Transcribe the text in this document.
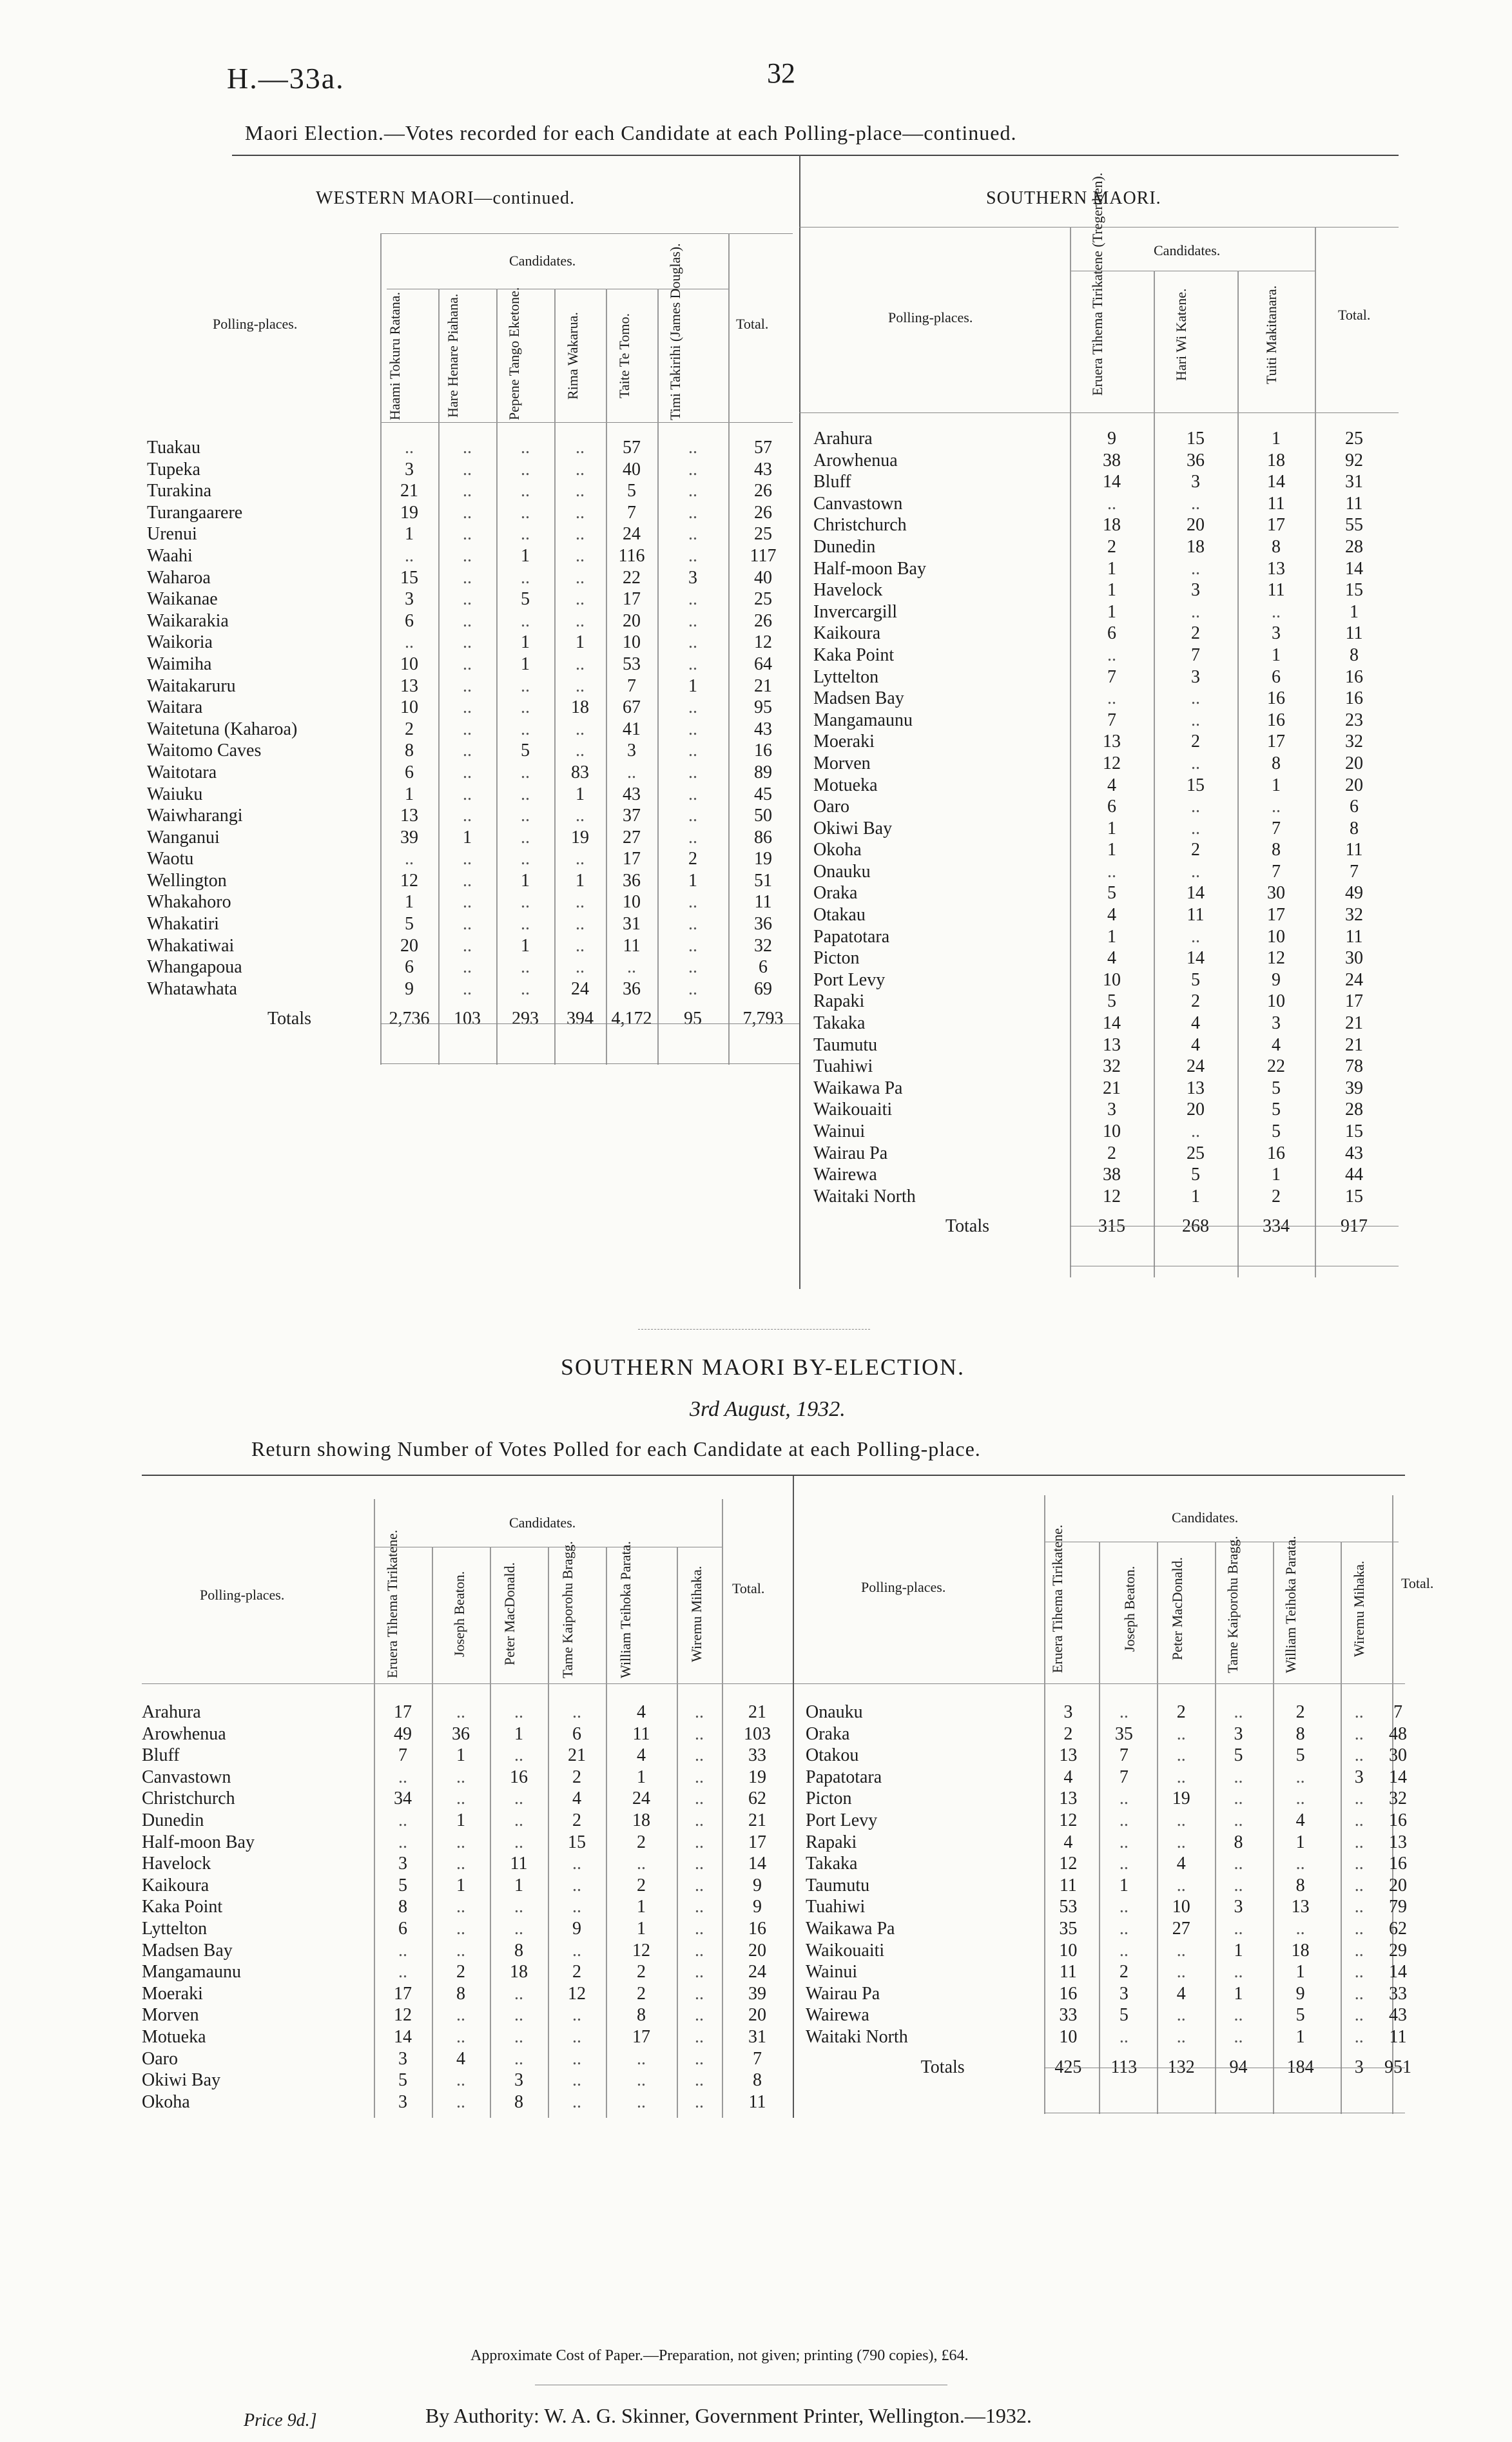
H.—33a.	32
Maori Election.—Votes recorded for each Candidate at each Polling-place—continued.
WESTERN MAORI—continued.
Candidates.
Polling-places.	Total.
Haami Tokuru Ratana.	Hare Henare Piahana.	Pepene Tango Eketone.	Rima Wakarua.	Taite Te Tomo.	Timi Takirihi (James Douglas).
Tuakau	..	..	..	..	57	..	57
Tupeka	3	..	..	..	40	..	43
Turakina	21	..	..	..	5	..	26
Turangaarere	19	..	..	..	7	..	26
Urenui	1	..	..	..	24	..	25
Waahi	..	..	1	..	116	..	117
Waharoa	15	..	..	..	22	3	40
Waikanae	3	..	5	..	17	..	25
Waikarakia	6	..	..	..	20	..	26
Waikoria	..	..	1	1	10	..	12
Waimiha	10	..	1	..	53	..	64
Waitakaruru	13	..	..	..	7	1	21
Waitara	10	..	..	18	67	..	95
Waitetuna (Kaharoa)	2	..	..	..	41	..	43
Waitomo Caves	8	..	5	..	3	..	16
Waitotara	6	..	..	83	..	..	89
Waiuku	1	..	..	1	43	..	45
Waiwharangi	13	..	..	..	37	..	50
Wanganui	39	1	..	19	27	..	86
Waotu	..	..	..	..	17	2	19
Wellington	12	..	1	1	36	1	51
Whakahoro	1	..	..	..	10	..	11
Whakatiri	5	..	..	..	31	..	36
Whakatiwai	20	..	1	..	11	..	32
Whangapoua	6	..	..	..	..	..	6
Whatawhata	9	..	..	24	36	..	69
Totals	2,736	103	293	394	4,172	95	7,793
SOUTHERN MAORI.
Candidates.
Polling-places.	Total.
Eruera Tihema Tirikatene (Tregerthen).	Hari Wi Katene.	Tuiti Makitanara.
Arahura	9	15	1	25
Arowhenua	38	36	18	92
Bluff	14	3	14	31
Canvastown	..	..	11	11
Christchurch	18	20	17	55
Dunedin	2	18	8	28
Half-moon Bay	1	..	13	14
Havelock	1	3	11	15
Invercargill	1	..	..	1
Kaikoura	6	2	3	11
Kaka Point	..	7	1	8
Lyttelton	7	3	6	16
Madsen Bay	..	..	16	16
Mangamaunu	7	..	16	23
Moeraki	13	2	17	32
Morven	12	..	8	20
Motueka	4	15	1	20
Oaro	6	..	..	6
Okiwi Bay	1	..	7	8
Okoha	1	2	8	11
Onauku	..	..	7	7
Oraka	5	14	30	49
Otakau	4	11	17	32
Papatotara	1	..	10	11
Picton	4	14	12	30
Port Levy	10	5	9	24
Rapaki	5	2	10	17
Takaka	14	4	3	21
Taumutu	13	4	4	21
Tuahiwi	32	24	22	78
Waikawa Pa	21	13	5	39
Waikouaiti	3	20	5	28
Wainui	10	..	5	15
Wairau Pa	2	25	16	43
Wairewa	38	5	1	44
Waitaki North	12	1	2	15
Totals	315	268	334	917
SOUTHERN MAORI BY-ELECTION.
3rd August, 1932.
Return showing Number of Votes Polled for each Candidate at each Polling-place.
Candidates.
Polling-places.	Total.
Eruera Tihema Tirikatene.	Joseph Beaton.	Peter MacDonald.	Tame Kaiporohu Bragg.	William Teihoka Parata.	Wiremu Mihaka.
Arahura	17	..	..	..	4	..	21
Arowhenua	49	36	1	6	11	..	103
Bluff	7	1	..	21	4	..	33
Canvastown	..	..	16	2	1	..	19
Christchurch	34	..	..	4	24	..	62
Dunedin	..	1	..	2	18	..	21
Half-moon Bay	..	..	..	15	2	..	17
Havelock	3	..	11	..	..	..	14
Kaikoura	5	1	1	..	2	..	9
Kaka Point	8	..	..	..	1	..	9
Lyttelton	6	..	..	9	1	..	16
Madsen Bay	..	..	8	..	12	..	20
Mangamaunu	..	2	18	2	2	..	24
Moeraki	17	8	..	12	2	..	39
Morven	12	..	..	..	8	..	20
Motueka	14	..	..	..	17	..	31
Oaro	3	4	..	..	..	..	7
Okiwi Bay	5	..	3	..	..	..	8
Okoha	3	..	8	..	..	..	11
Candidates.
Polling-places.	Total.
Eruera Tihema Tirikatene.	Joseph Beaton.	Peter MacDonald.	Tame Kaiporohu Bragg.	William Teihoka Parata.	Wiremu Mihaka.
Onauku	3	..	2	..	2	..	7
Oraka	2	35	..	3	8	..	48
Otakou	13	7	..	5	5	..	30
Papatotara	4	7	..	..	..	3	14
Picton	13	..	19	..	..	..	32
Port Levy	12	..	..	..	4	..	16
Rapaki	4	..	..	8	1	..	13
Takaka	12	..	4	..	..	..	16
Taumutu	11	1	..	..	8	..	20
Tuahiwi	53	..	10	3	13	..	79
Waikawa Pa	35	..	27	..	..	..	62
Waikouaiti	10	..	..	1	18	..	29
Wainui	11	2	..	..	1	..	14
Wairau Pa	16	3	4	1	9	..	33
Wairewa	33	5	..	..	5	..	43
Waitaki North	10	..	..	..	1	..	11
Totals	425	113	132	94	184	3	951
Approximate Cost of Paper.—Preparation, not given; printing (790 copies), £64.
By Authority: W. A. G. Skinner, Government Printer, Wellington.—1932.
Price 9d.]
